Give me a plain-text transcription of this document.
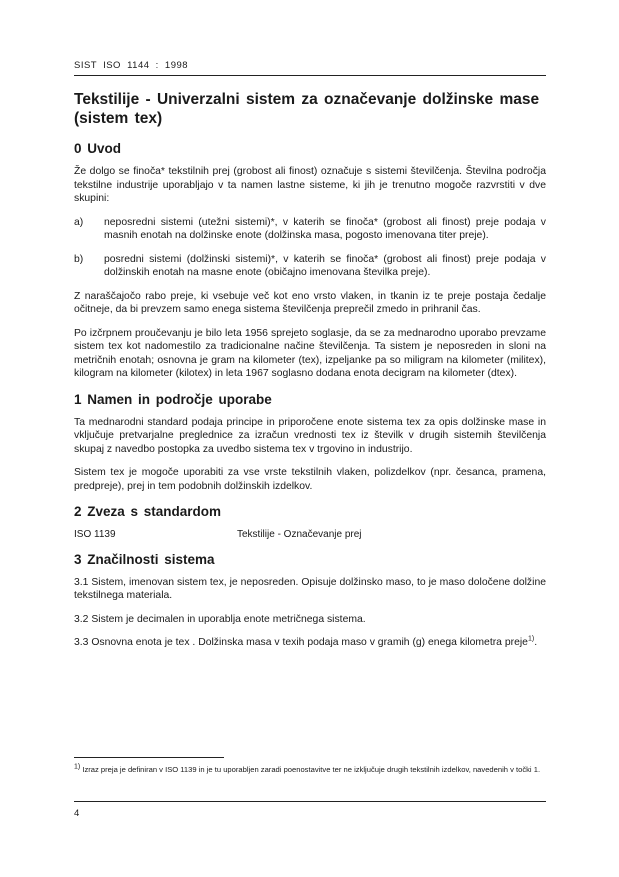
SIST ISO 1144 : 1998
Tekstilije - Univerzalni sistem za označevanje dolžinske mase (sistem tex)
0 Uvod

Že dolgo se finoča* tekstilnih prej (grobost ali finost) označuje s sistemi številčenja. Številna področja tekstilne industrije uporabljajo v ta namen lastne sisteme, ki jih je trenutno mogoče razvrstiti v dve skupini:

a)	neposredni sistemi (utežni sistemi)*, v katerih se finoča* (grobost ali finost) preje podaja v masnih enotah na dolžinske enote (dolžinska masa, pogosto imenovana titer preje).
b)	posredni sistemi (dolžinski sistemi)*, v katerih se finoča* (grobost ali finost) preje podaja v dolžinskih enotah na masne enote (običajno imenovana številka preje).

Z naraščajočo rabo preje, ki vsebuje več kot eno vrsto vlaken, in tkanin iz te preje postaja čedalje očitneje, da bi prevzem samo enega sistema številčenja preprečil zmedo in prihranil čas.

Po izčrpnem proučevanju je bilo leta 1956 sprejeto soglasje, da se za mednarodno uporabo prevzame sistem tex kot nadomestilo za tradicionalne načine številčenja. Ta sistem je neposreden in sloni na metričnih enotah; osnovna je gram na kilometer (tex), izpeljanke pa so miligram na kilometer (militex), kilogram na kilometer (kilotex) in leta 1967 soglasno dodana enota decigram na kilometer (dtex).

1 Namen in področje uporabe

Ta mednarodni standard podaja principe in priporočene enote sistema tex za opis dolžinske mase in vključuje pretvarjalne preglednice za izračun vrednosti tex iz številk v drugih sistemih številčenja skupaj z navedbo postopka za uvedbo sistema tex v trgovino in industrijo.

Sistem tex je mogoče uporabiti za vse vrste tekstilnih vlaken, polizdelkov (npr. česanca, pramena, predpreje), prej in tem podobnih dolžinskih izdelkov.

2 Zveza s standardom
ISO 1139	Tekstilije - Označevanje prej
3 Značilnosti sistema

3.1 Sistem, imenovan sistem tex, je neposreden. Opisuje dolžinsko maso, to je maso določene dolžine tekstilnega materiala.

3.2 Sistem je decimalen in uporablja enote metričnega sistema.

3.3 Osnovna enota je tex . Dolžinska masa v texih podaja maso v gramih (g) enega kilometra preje$^{1)}$.

$^{1)}$ Izraz preja je definiran v ISO 1139 in je tu uporabljen zaradi poenostavitve ter ne izključuje drugih tekstilnih izdelkov, navedenih v točki 1.
4
